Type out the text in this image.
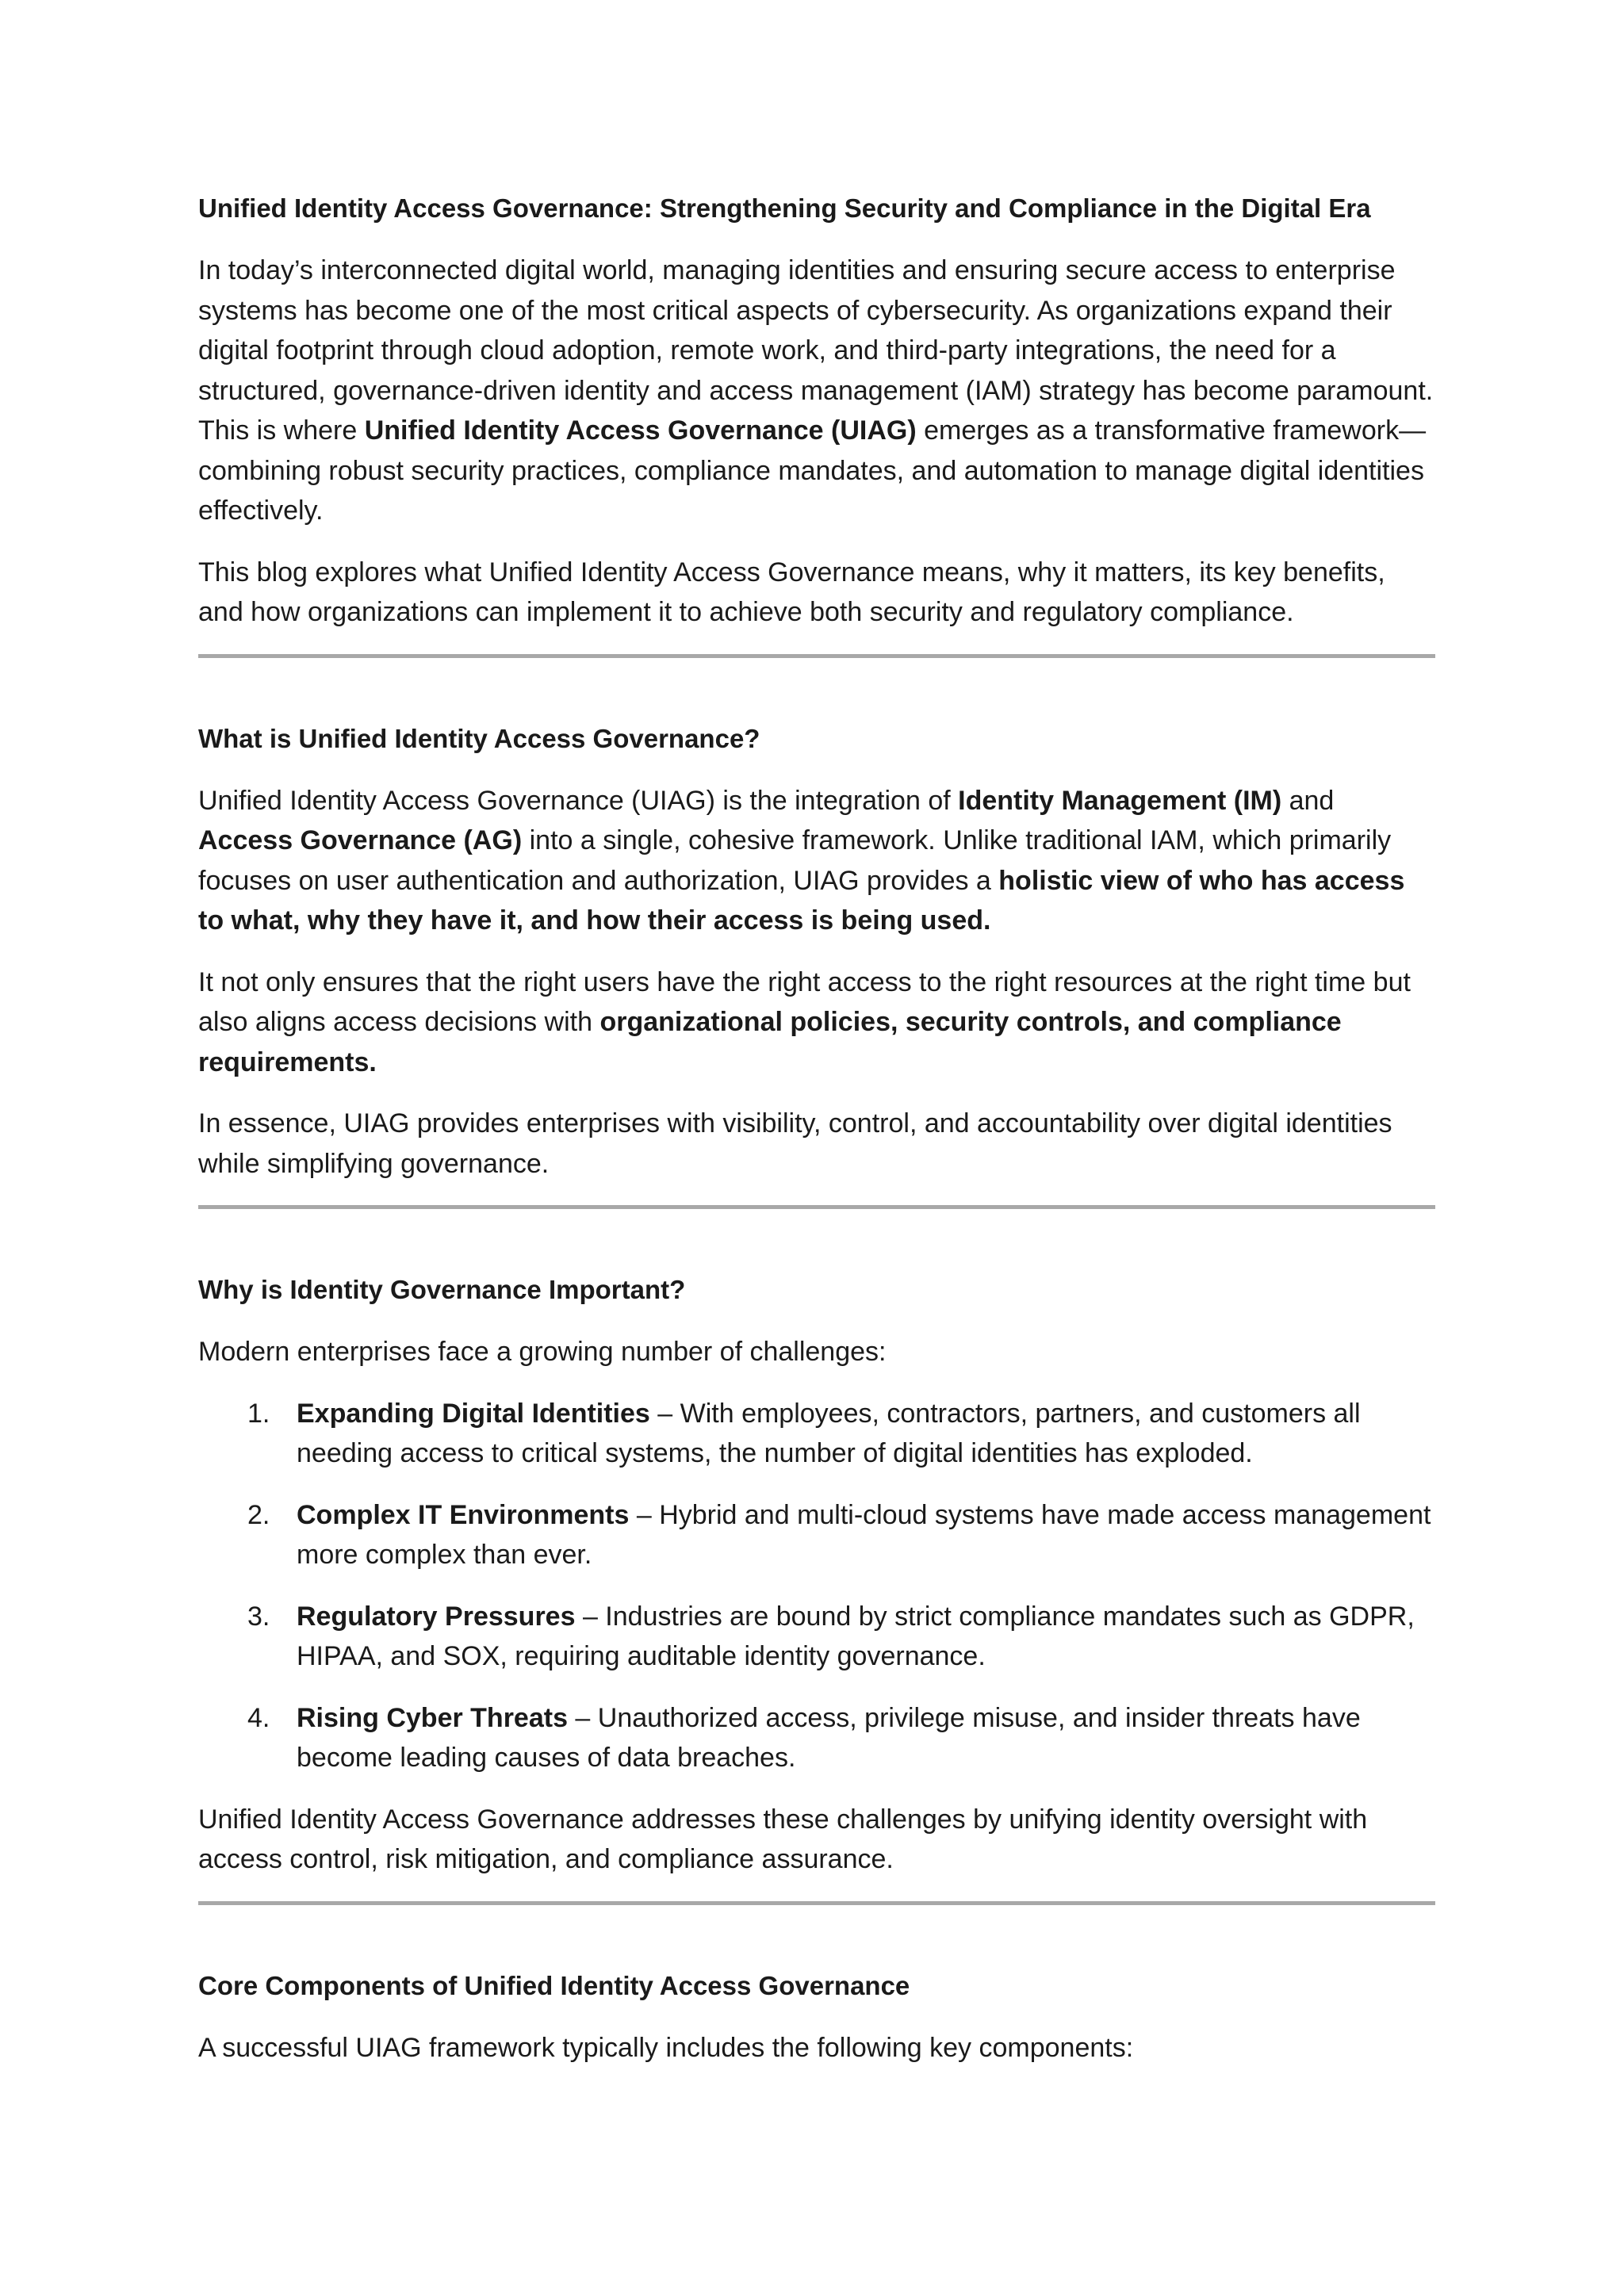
Unified Identity Access Governance: Strengthening Security and Compliance in the Digital Era

In today’s interconnected digital world, managing identities and ensuring secure access to enterprise systems has become one of the most critical aspects of cybersecurity. As organizations expand their digital footprint through cloud adoption, remote work, and third-party integrations, the need for a structured, governance-driven identity and access management (IAM) strategy has become paramount. This is where Unified Identity Access Governance (UIAG) emerges as a transformative framework—combining robust security practices, compliance mandates, and automation to manage digital identities effectively.

This blog explores what Unified Identity Access Governance means, why it matters, its key benefits, and how organizations can implement it to achieve both security and regulatory compliance.

What is Unified Identity Access Governance?

Unified Identity Access Governance (UIAG) is the integration of Identity Management (IM) and Access Governance (AG) into a single, cohesive framework. Unlike traditional IAM, which primarily focuses on user authentication and authorization, UIAG provides a holistic view of who has access to what, why they have it, and how their access is being used.

It not only ensures that the right users have the right access to the right resources at the right time but also aligns access decisions with organizational policies, security controls, and compliance requirements.

In essence, UIAG provides enterprises with visibility, control, and accountability over digital identities while simplifying governance.

Why is Identity Governance Important?

Modern enterprises face a growing number of challenges:

1. Expanding Digital Identities – With employees, contractors, partners, and customers all needing access to critical systems, the number of digital identities has exploded.
2. Complex IT Environments – Hybrid and multi-cloud systems have made access management more complex than ever.
3. Regulatory Pressures – Industries are bound by strict compliance mandates such as GDPR, HIPAA, and SOX, requiring auditable identity governance.
4. Rising Cyber Threats – Unauthorized access, privilege misuse, and insider threats have become leading causes of data breaches.

Unified Identity Access Governance addresses these challenges by unifying identity oversight with access control, risk mitigation, and compliance assurance.

Core Components of Unified Identity Access Governance

A successful UIAG framework typically includes the following key components:
